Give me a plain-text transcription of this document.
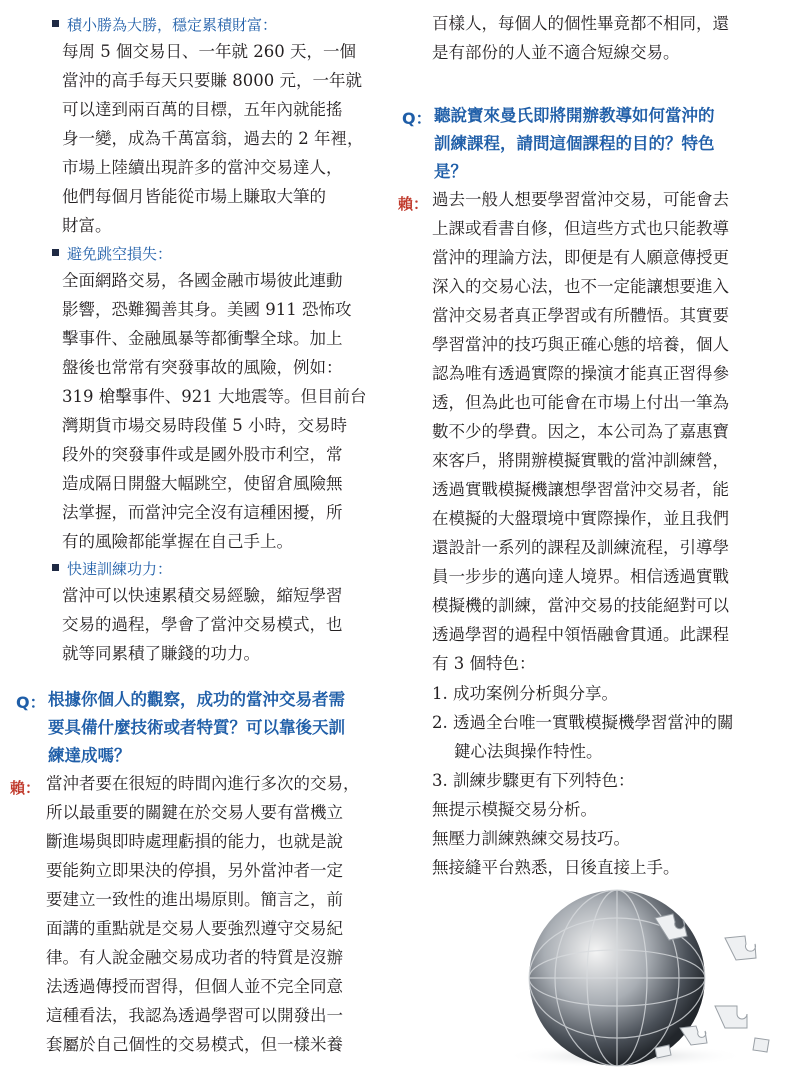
積小勝為大勝，穩定累積財富：
每周 5 個交易日、一年就 260 天，一個
當沖的高手每天只要賺 8000 元，一年就
可以達到兩百萬的目標，五年內就能搖
身一變，成為千萬富翁，過去的 2 年裡，
市場上陸續出現許多的當沖交易達人，
他們每個月皆能從市場上賺取大筆的
財富。
避免跳空損失：
全面網路交易，各國金融市場彼此連動
影響，恐難獨善其身。美國 911 恐怖攻
擊事件、金融風暴等都衝擊全球。加上
盤後也常常有突發事故的風險，例如：
319 槍擊事件、921 大地震等。但目前台
灣期貨市場交易時段僅 5 小時，交易時
段外的突發事件或是國外股市利空，常
造成隔日開盤大幅跳空，使留倉風險無
法掌握，而當沖完全沒有這種困擾，所
有的風險都能掌握在自己手上。
快速訓練功力：
當沖可以快速累積交易經驗，縮短學習
交易的過程，學會了當沖交易模式，也
就等同累積了賺錢的功力。
Q： 根據你個人的觀察，成功的當沖交易者需
要具備什麼技術或者特質？可以靠後天訓
練達成嗎？
賴： 當沖者要在很短的時間內進行多次的交易，
所以最重要的關鍵在於交易人要有當機立
斷進場與即時處理虧損的能力，也就是說
要能夠立即果決的停損，另外當沖者一定
要建立一致性的進出場原則。簡言之，前
面講的重點就是交易人要強烈遵守交易紀
律。有人說金融交易成功者的特質是沒辦
法透過傳授而習得，但個人並不完全同意
這種看法，我認為透過學習可以開發出一
套屬於自己個性的交易模式，但一樣米養
百樣人，每個人的個性畢竟都不相同，還
是有部份的人並不適合短線交易。
Q： 聽說寶來曼氏即將開辦教導如何當沖的
訓練課程，請問這個課程的目的？特色
是？
賴： 過去一般人想要學習當沖交易，可能會去
上課或看書自修，但這些方式也只能教導
當沖的理論方法，即便是有人願意傳授更
深入的交易心法，也不一定能讓想要進入
當沖交易者真正學習或有所體悟。其實要
學習當沖的技巧與正確心態的培養，個人
認為唯有透過實際的操演才能真正習得參
透，但為此也可能會在市場上付出一筆為
數不少的學費。因之，本公司為了嘉惠寶
來客戶，將開辦模擬實戰的當沖訓練營，
透過實戰模擬機讓想學習當沖交易者，能
在模擬的大盤環境中實際操作，並且我們
還設計一系列的課程及訓練流程，引導學
員一步步的邁向達人境界。相信透過實戰
模擬機的訓練，當沖交易的技能絕對可以
透過學習的過程中領悟融會貫通。此課程
有 3 個特色：
1. 成功案例分析與分享。
2. 透過全台唯一實戰模擬機學習當沖的關
鍵心法與操作特性。
3. 訓練步驟更有下列特色：
無提示模擬交易分析。
無壓力訓練熟練交易技巧。
無接縫平台熟悉，日後直接上手。
